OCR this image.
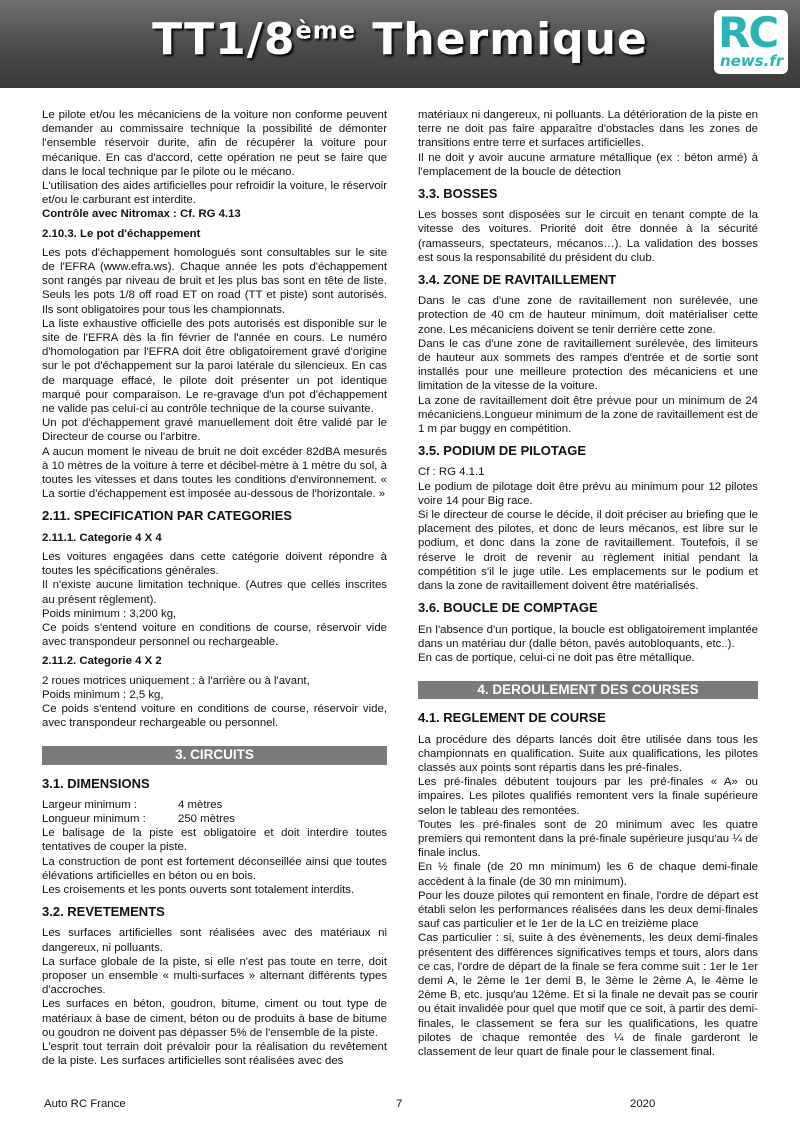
TT1/8ème Thermique	RC
news.fr

Le pilote et/ou les mécaniciens de la voiture non conforme peuvent demander au commissaire technique la possibilité de démonter l'ensemble réservoir durite, afin de récupérer la voiture pour mécanique. En cas d'accord, cette opération ne peut se faire que dans le local technique par le pilote ou le mécano.

L'utilisation des aides artificielles pour refroidir la voiture, le réservoir et/ou le carburant est interdite.

Contrôle avec Nitromax : Cf. RG 4.13

2.10.3. Le pot d'échappement

Les pots d'échappement homologués sont consultables sur le site de l'EFRA (www.efra.ws). Chaque année les pots d'échappement sont rangés par niveau de bruit et les plus bas sont en tête de liste. Seuls les pots 1/8 off road ET on road (TT et piste) sont autorisés. Ils sont obligatoires pour tous les championnats.

La liste exhaustive officielle des pots autorisés est disponible sur le site de l'EFRA dès la fin février de l'année en cours. Le numéro d'homologation par l'EFRA doit être obligatoirement gravé d'origine sur le pot d'échappement sur la paroi latérale du silencieux. En cas de marquage effacé, le pilote doit présenter un pot identique marqué pour comparaison. Le re-gravage d'un pot d'échappement ne valide pas celui-ci au contrôle technique de la course suivante.

Un pot d'échappement gravé manuellement doit être validé par le Directeur de course ou l'arbitre.

A aucun moment le niveau de bruit ne doit excéder 82dBA mesurés à 10 mètres de la voiture à terre et décibel-mètre à 1 mètre du sol, à toutes les vitesses et dans toutes les conditions d'environnement. « La sortie d'échappement est imposée au-dessous de l'horizontale. »

2.11. SPECIFICATION PAR CATEGORIES
2.11.1. Categorie 4 X 4

Les voitures engagées dans cette catégorie doivent répondre à toutes les spécifications générales.

Il n'existe aucune limitation technique. (Autres que celles inscrites au présent règlement).

Poids minimum : 3,200 kg,

Ce poids s'entend voiture en conditions de course, réservoir vide avec transpondeur personnel ou rechargeable.

2.11.2. Categorie 4 X 2

2 roues motrices uniquement : à l'arrière ou à l'avant,

Poids minimum : 2,5 kg,

Ce poids s'entend voiture en conditions de course, réservoir vide, avec transpondeur rechargeable ou personnel.

3. CIRCUITS
3.1. DIMENSIONS
Largeur minimum :	4 mètres
Longueur minimum :	250 mètres

Le balisage de la piste est obligatoire et doit interdire toutes tentatives de couper la piste.

La construction de pont est fortement déconseillée ainsi que toutes élévations artificielles en béton ou en bois.

Les croisements et les ponts ouverts sont totalement interdits.

3.2. REVETEMENTS

Les surfaces artificielles sont réalisées avec des matériaux ni dangereux, ni polluants.

La surface globale de la piste, si elle n'est pas toute en terre, doit proposer un ensemble « multi-surfaces » alternant différents types d'accroches.

Les surfaces en béton, goudron, bitume, ciment ou tout type de matériaux à base de ciment, béton ou de produits à base de bitume ou goudron ne doivent pas dépasser 5% de l'ensemble de la piste.

L'esprit tout terrain doit prévaloir pour la réalisation du revêtement de la piste. Les surfaces artificielles sont réalisées avec des

matériaux ni dangereux, ni polluants. La détérioration de la piste en terre ne doit pas faire apparaître d'obstacles dans les zones de transitions entre terre et surfaces artificielles.

Il ne doit y avoir aucune armature métallique (ex : béton armé) à l'emplacement de la boucle de détection

3.3. BOSSES

Les bosses sont disposées sur le circuit en tenant compte de la vitesse des voitures. Priorité doit être donnée à la sécurité (ramasseurs, spectateurs, mécanos…). La validation des bosses est sous la responsabilité du président du club.

3.4. ZONE DE RAVITAILLEMENT

Dans le cas d'une zone de ravitaillement non surélevée, une protection de 40 cm de hauteur minimum, doit matérialiser cette zone. Les mécaniciens doivent se tenir derrière cette zone.

Dans le cas d'une zone de ravitaillement surélevée, des limiteurs de hauteur aux sommets des rampes d'entrée et de sortie sont installés pour une meilleure protection des mécaniciens et une limitation de la vitesse de la voiture.

La zone de ravitaillement doit être prévue pour un minimum de 24 mécaniciens.Longueur minimum de la zone de ravitaillement est de 1 m par buggy en compétition.

3.5. PODIUM DE PILOTAGE

Cf : RG 4.1.1

Le podium de pilotage doit être prévu au minimum pour 12 pilotes voire 14 pour Big race.

Si le directeur de course le décide, il doit préciser au briefing que le placement des pilotes, et donc de leurs mécanos, est libre sur le podium, et donc dans la zone de ravitaillement. Toutefois, il se réserve le droit de revenir au règlement initial pendant la compétition s'il le juge utile. Les emplacements sur le podium et dans la zone de ravitaillement doivent être matérialisés.

3.6. BOUCLE DE COMPTAGE

En l'absence d'un portique, la boucle est obligatoirement implantée dans un matériau dur (dalle béton, pavés autobloquants, etc..).

En cas de portique, celui-ci ne doit pas être métallique.

4. DEROULEMENT DES COURSES
4.1. REGLEMENT DE COURSE

La procédure des départs lancés doit être utilisée dans tous les championnats en qualification. Suite aux qualifications, les pilotes classés aux points sont répartis dans les pré-finales.

Les pré-finales débutent toujours par les pré-finales « A» ou impaires. Les pilotes qualifiés remontent vers la finale supérieure selon le tableau des remontées.

Toutes les pré-finales sont de 20 minimum avec les quatre premiers qui remontent dans la pré-finale supérieure jusqu'au ¼ de finale inclus.

En ½ finale (de 20 mn minimum) les 6 de chaque demi-finale accèdent à la finale (de 30 mn minimum).

Pour les douze pilotes qui remontent en finale, l'ordre de départ est établi selon les performances réalisées dans les deux demi-finales sauf cas particulier et le 1er de la LC en treizième place

Cas particulier : si, suite à des évènements, les deux demi-finales présentent des différences significatives temps et tours, alors dans ce cas, l'ordre de départ de la finale se fera comme suit : 1er le 1er demi A, le 2ème le 1er demi B, le 3ème le 2ème A, le 4ème le 2ème B, etc. jusqu'au 12ème. Et si la finale ne devait pas se courir ou était invalidée pour quel que motif que ce soit, à partir des demi-finales, le classement se fera sur les qualifications, les quatre pilotes de chaque remontée des ¼ de finale garderont le classement de leur quart de finale pour le classement final.

Auto RC France	7	2020
